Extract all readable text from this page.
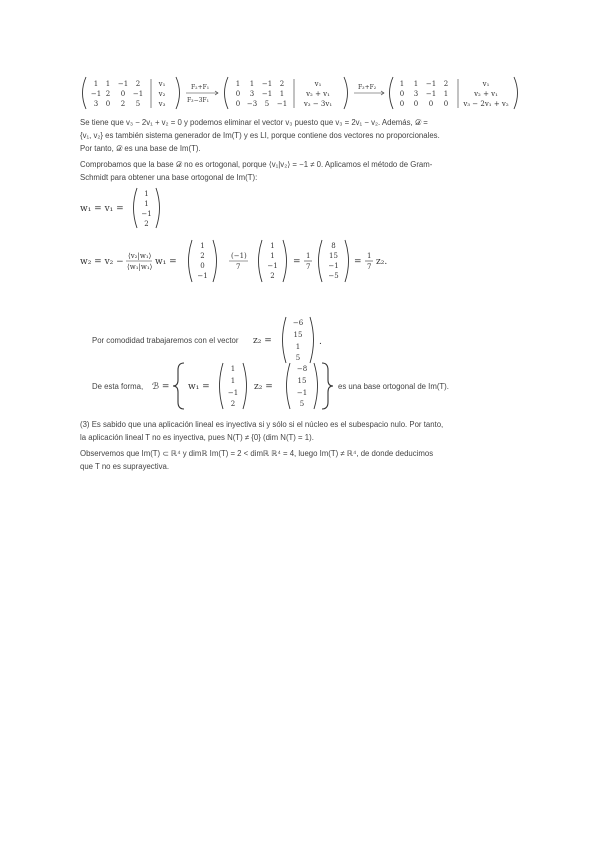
1 1 −1 2	v₁
−1 2 0 −1 v₂
3 0 2 5	v₃
F₂+F₁
F₃−3F₁
1 1 −1 2	v₁
0 3 −1 1	v₂ + v₁
0 −3 5 −1 v₃ − 3v₁
F₃+F₂	1 1 −1 2	v₁
0 3 −1 1	v₂ + v₁
0 0 0 0 v₃ − 2v₁ + v₂
Se tiene que v₃ − 2v₁ + v₂ = 0 y podemos eliminar el vector v₃ puesto que v₃ = 2v₁ − v₂. Además, 𝒟 =
{v₁, v₂} es también sistema generador de Im(T) y es LI, porque contiene dos vectores no proporcionales.
Por tanto, 𝒟 es una base de Im(T).
Comprobamos que la base 𝒟 no es ortogonal, porque ⟨v₁|v₂⟩ = −1 ≠ 0. Aplicamos el método de Gram-
Schmidt para obtener una base ortogonal de Im(T):
w₁ = v₁ =
1
1
−1
2
w₂ = v₂ −
⟨v₂|w₁⟩
⟨w₁|w₁⟩ w₁ =
1
2
0
−1
(−1)
7
1
1
−1
2
=
1
7
8
15
−1
−5
=
1
7 z₂.
Por comodidad trabajaremos con el vector z₂ =
−6
15
1
5
.
De esta forma, ℬ = w₁ =
1
1
−1
2
z₂ =
−8
15
−1
5
es una base ortogonal de Im(T).
(3) Es sabido que una aplicación lineal es inyectiva si y sólo si el núcleo es el subespacio nulo. Por tanto,
la aplicación lineal T no es inyectiva, pues N(T) ≠ {0} (dim N(T) = 1).
Observemos que Im(T) ⊂ ℝ⁴ y dimℝ Im(T) = 2 < dimℝ ℝ⁴ = 4, luego Im(T) ≠ ℝ⁴, de donde deducimos
que T no es suprayectiva.
